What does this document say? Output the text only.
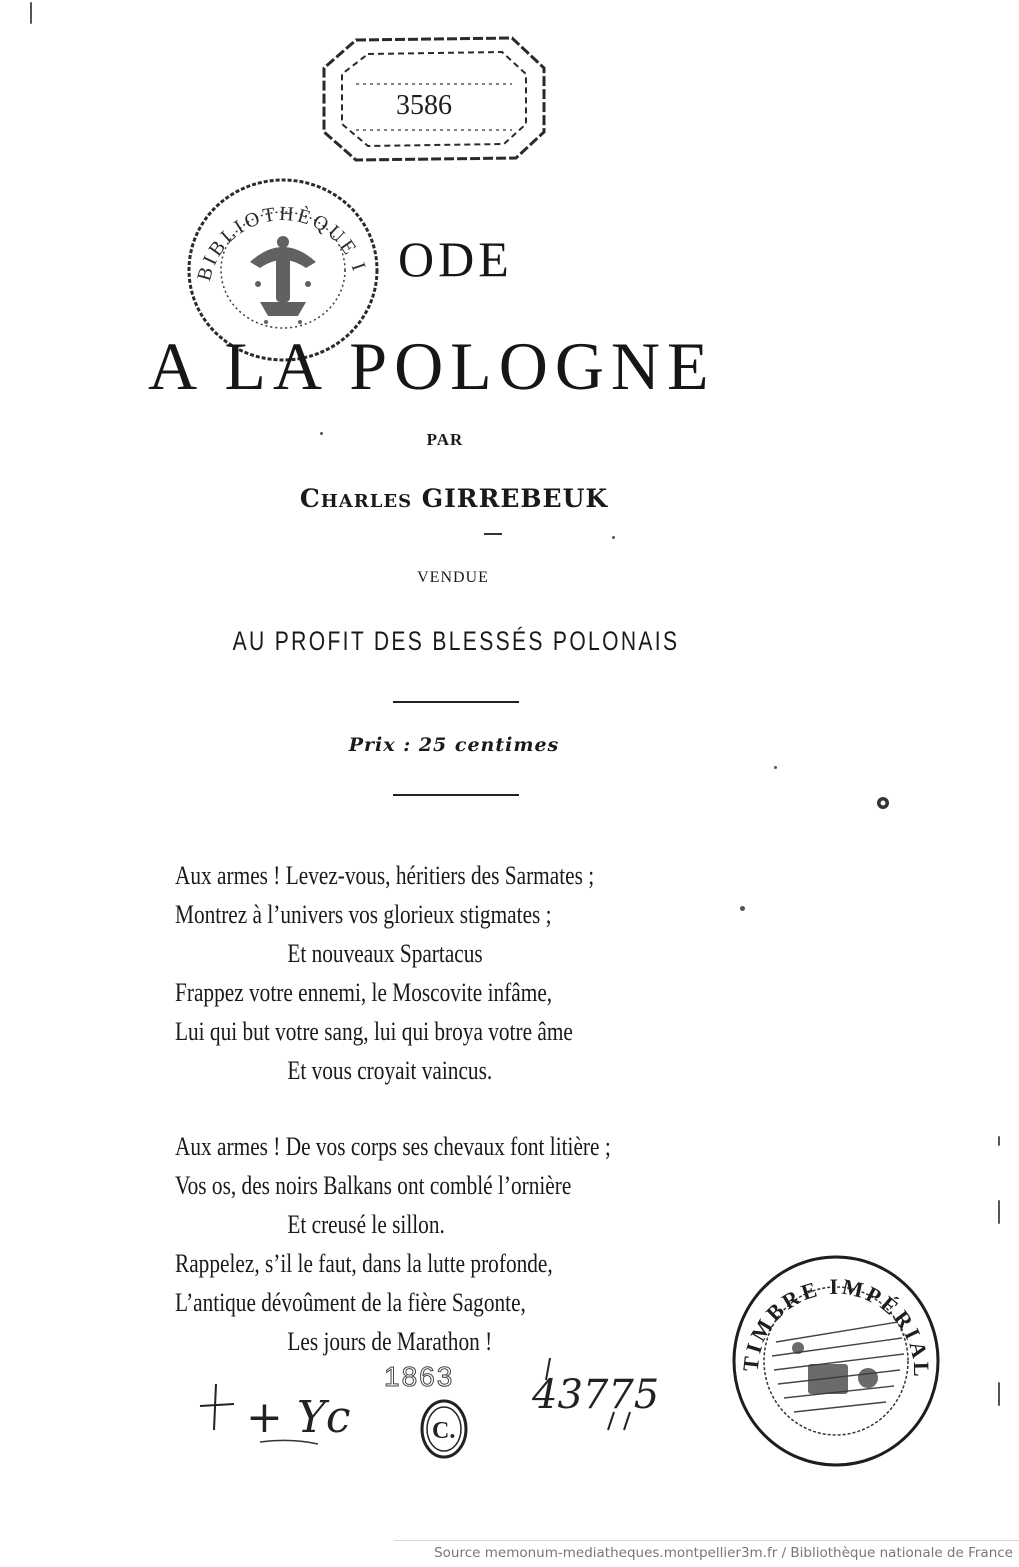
3586
BIBLIOTHÈQUE I ODE
A LA POLOGNE
PAR
Charles GIRREBEUK
VENDUE
AU PROFIT DES BLESSÉS POLONAIS
Prix : 25 centimes
Aux armes ! Levez-vous, héritiers des Sarmates ;
Montrez à l’univers vos glorieux stigmates ;
Et nouveaux Spartacus
Frappez votre ennemi, le Moscovite infâme,
Lui qui but votre sang, lui qui broya votre âme
Et vous croyait vaincus.
Aux armes ! De vos corps ses chevaux font litière ;
Vos os, des noirs Balkans ont comblé l’ornière
Et creusé le sillon.
Rappelez, s’il le faut, dans la lutte profonde,
L’antique dévoûment de la fière Sagonte,
Les jours de Marathon !
+ Yc
1863
C.
43775
TIMBRE IMPÉRIAL
Source memonum-mediatheques.montpellier3m.fr / Bibliothèque nationale de France
